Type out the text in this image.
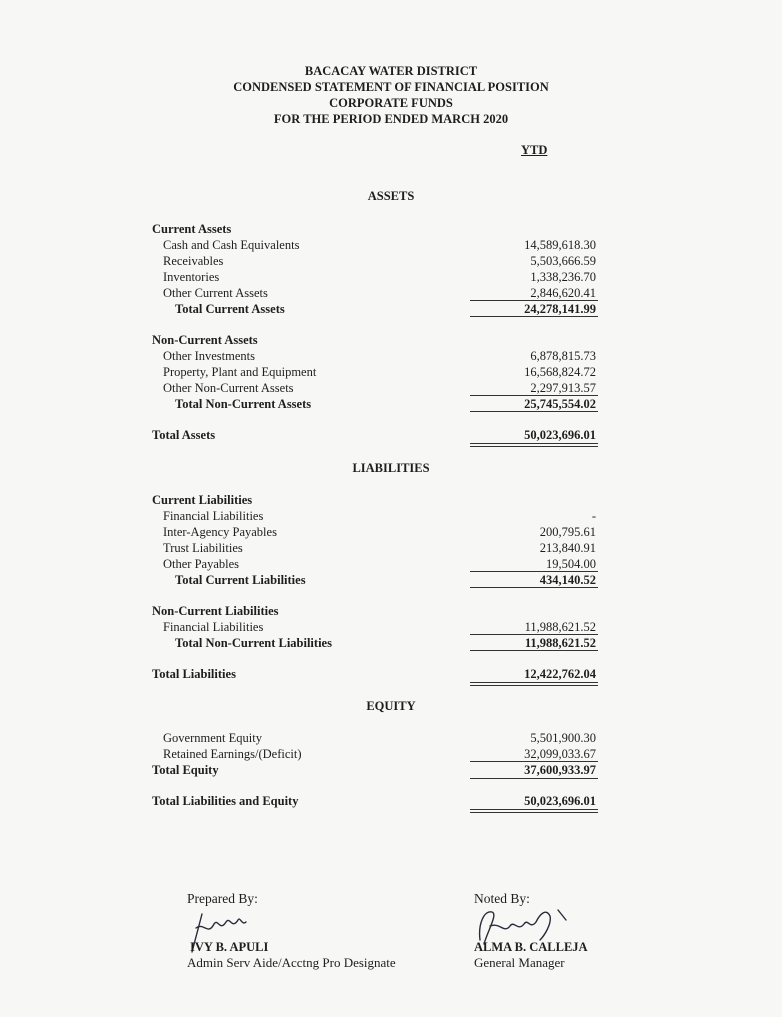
BACACAY WATER DISTRICT
CONDENSED STATEMENT OF FINANCIAL POSITION
CORPORATE FUNDS
FOR THE PERIOD ENDED MARCH 2020
YTD
ASSETS
Current Assets
Cash and Cash Equivalents	14,589,618.30
Receivables	5,503,666.59
Inventories	1,338,236.70
Other Current Assets	2,846,620.41
Total Current Assets	24,278,141.99
Non-Current Assets
Other Investments	6,878,815.73
Property, Plant and Equipment	16,568,824.72
Other Non-Current Assets	2,297,913.57
Total Non-Current Assets	25,745,554.02
Total Assets	50,023,696.01
LIABILITIES
Current Liabilities
Financial Liabilities	-
Inter-Agency Payables	200,795.61
Trust Liabilities	213,840.91
Other Payables	19,504.00
Total Current Liabilities	434,140.52
Non-Current Liabilities
Financial Liabilities	11,988,621.52
Total Non-Current Liabilities	11,988,621.52
Total Liabilities	12,422,762.04
EQUITY
Government Equity	5,501,900.30
Retained Earnings/(Deficit)	32,099,033.67
Total Equity	37,600,933.97
Total Liabilities and Equity	50,023,696.01
Prepared By:
IVY B. APULI
Admin Serv Aide/Acctng Pro Designate
Noted By:
ALMA B. CALLEJA
General Manager
